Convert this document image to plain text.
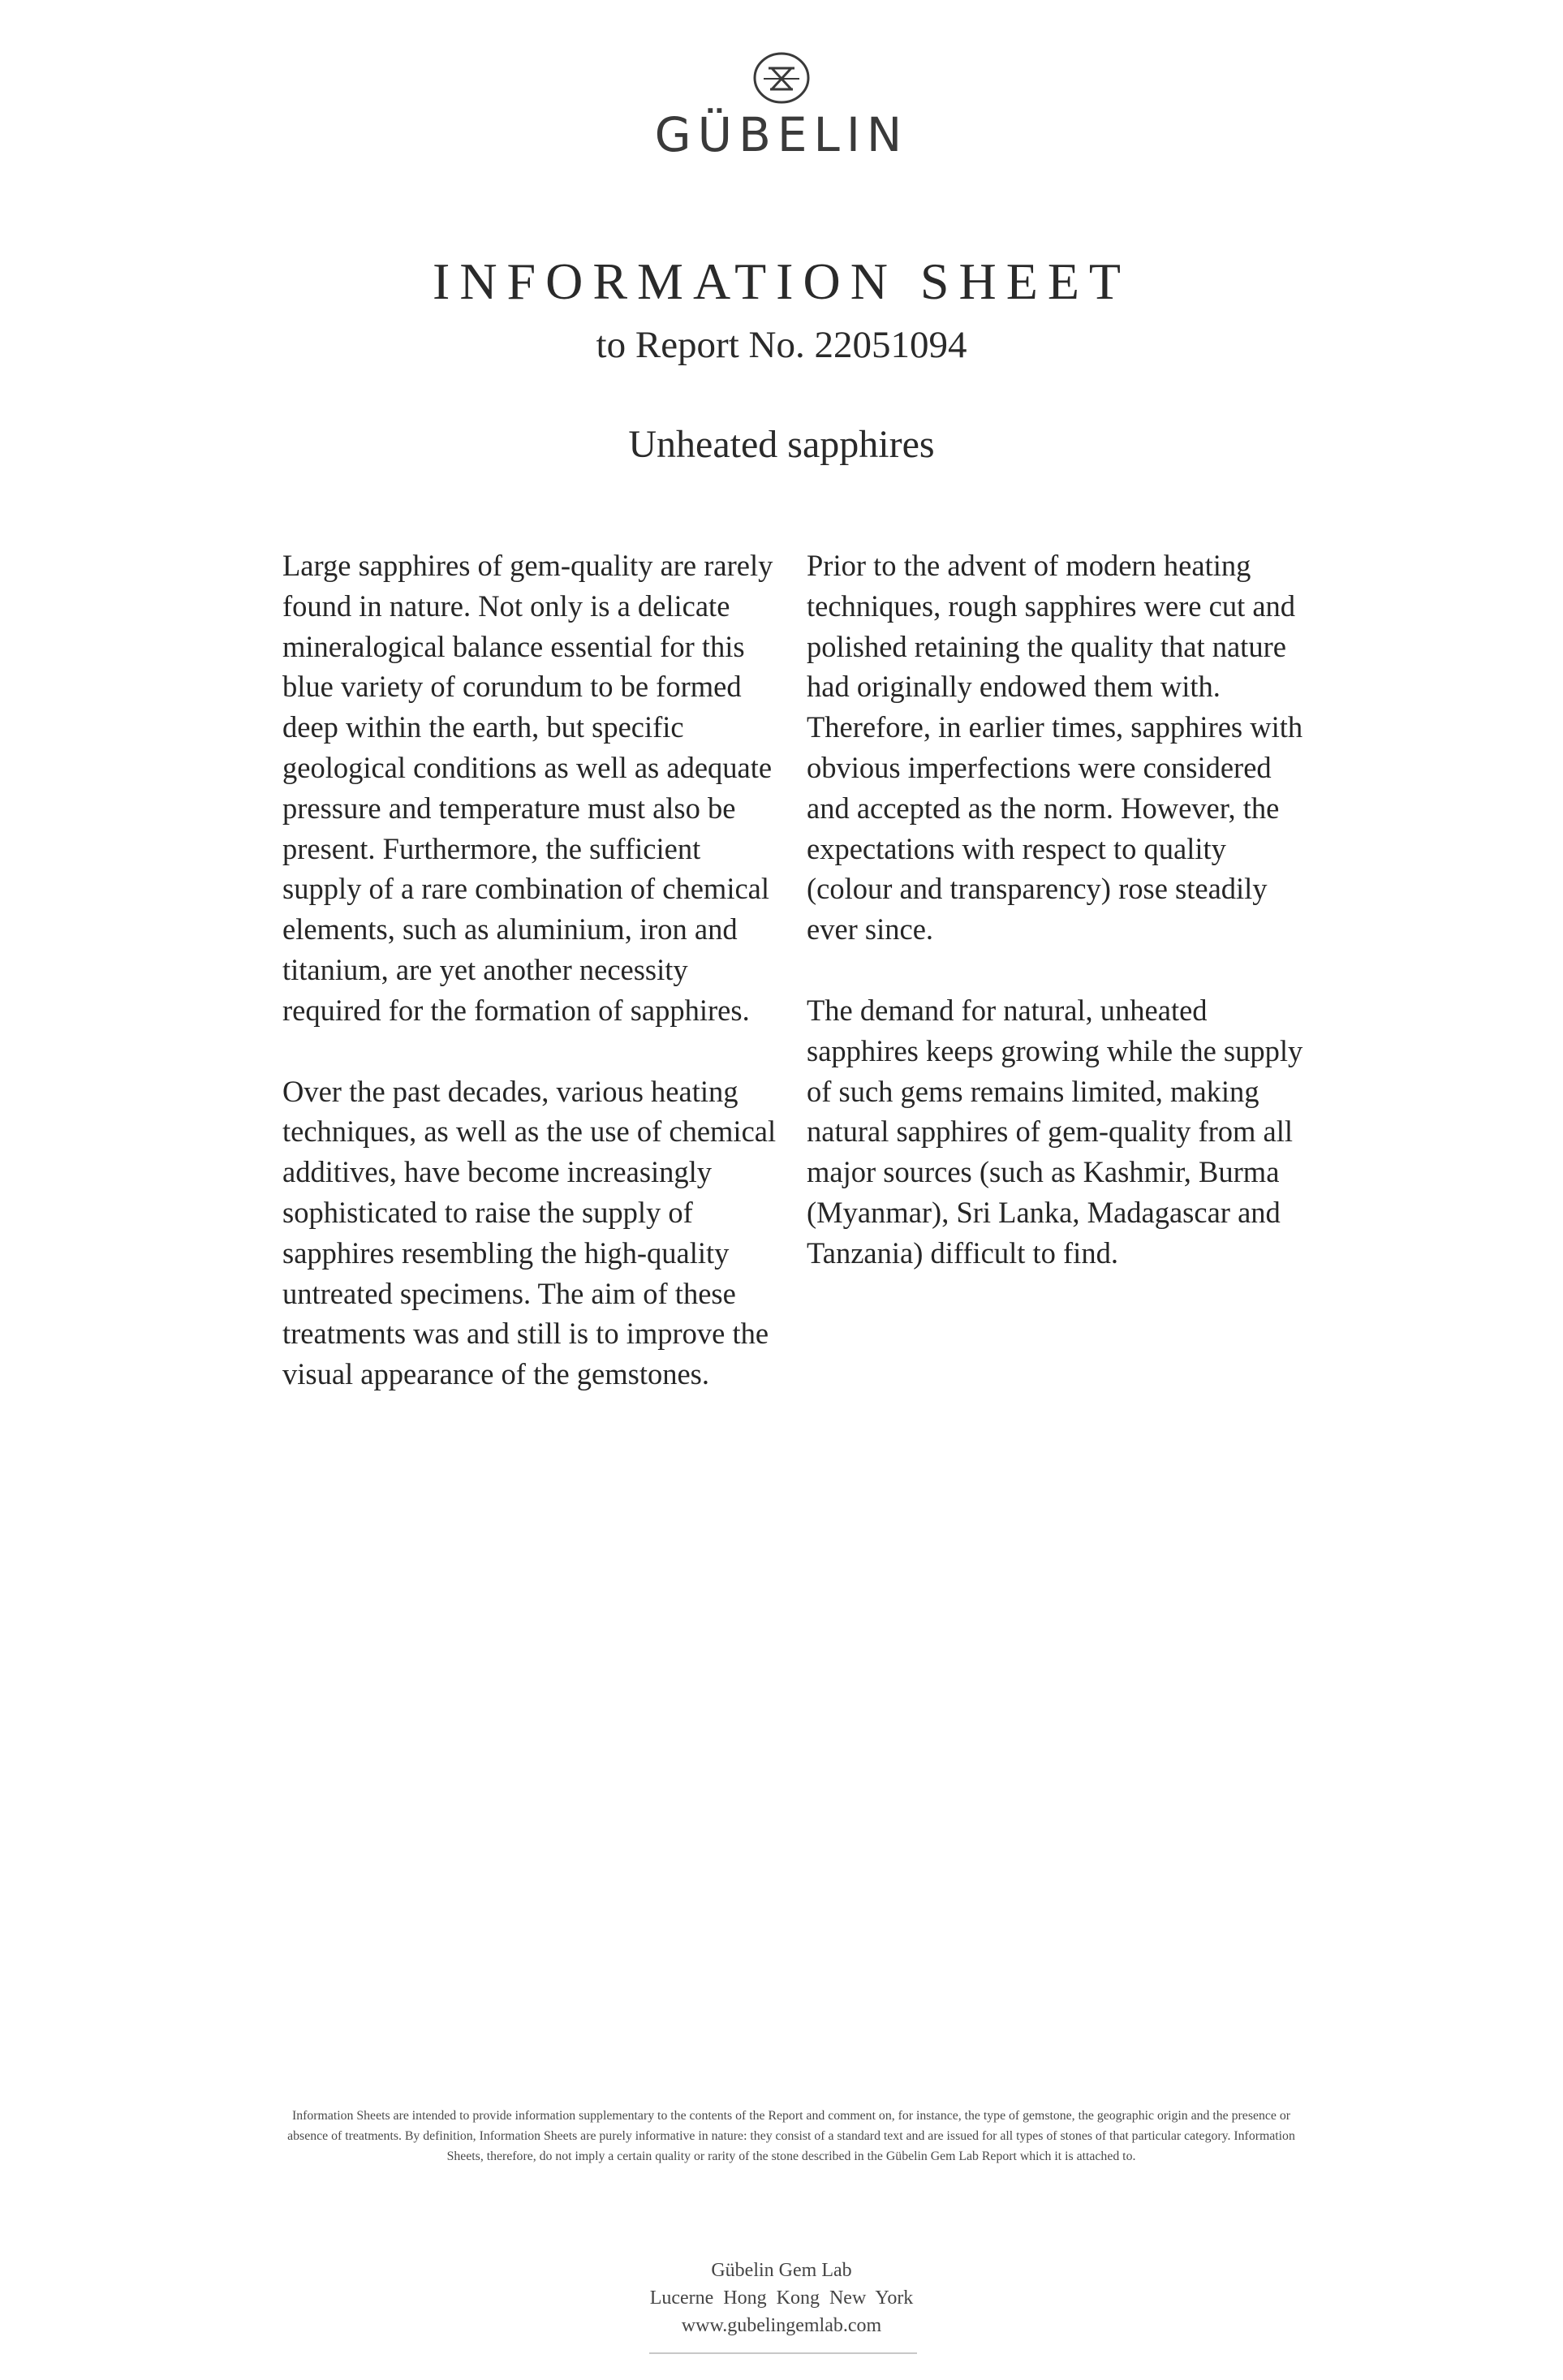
GÜBELIN
INFORMATION SHEET
to Report No. 22051094
Unheated sapphires

Large sapphires of gem-quality are rarely found in nature. Not only is a delicate mineralogical balance essential for this blue variety of corundum to be formed deep within the earth, but specific geological conditions as well as adequate pressure and temperature must also be present. Furthermore, the sufficient supply of a rare combination of chemical elements, such as aluminium, iron and titanium, are yet another necessity required for the formation of sapphires.

Over the past decades, various heating techniques, as well as the use of chemical additives, have become increasingly sophisticated to raise the supply of sapphires resembling the high-quality untreated specimens. The aim of these treatments was and still is to improve the visual appearance of the gemstones.

Prior to the advent of modern heating techniques, rough sapphires were cut and polished retaining the quality that nature had originally endowed them with. Therefore, in earlier times, sapphires with obvious imperfections were considered and accepted as the norm. However, the expectations with respect to quality (colour and transparency) rose steadily ever since.

The demand for natural, unheated sapphires keeps growing while the supply of such gems remains limited, making natural sapphires of gem-quality from all major sources (such as Kashmir, Burma (Myanmar), Sri Lanka, Madagascar and Tanzania) difficult to find.

Information Sheets are intended to provide information supplementary to the contents of the Report and comment on, for instance, the type of gemstone, the geographic origin and the presence or absence of treatments. By definition, Information Sheets are purely informative in nature: they consist of a standard text and are issued for all types of stones of that particular category. Information Sheets, therefore, do not imply a certain quality or rarity of the stone described in the Gübelin Gem Lab Report which it is attached to.
Gübelin Gem Lab
Lucerne Hong Kong New York
www.gubelingemlab.com
